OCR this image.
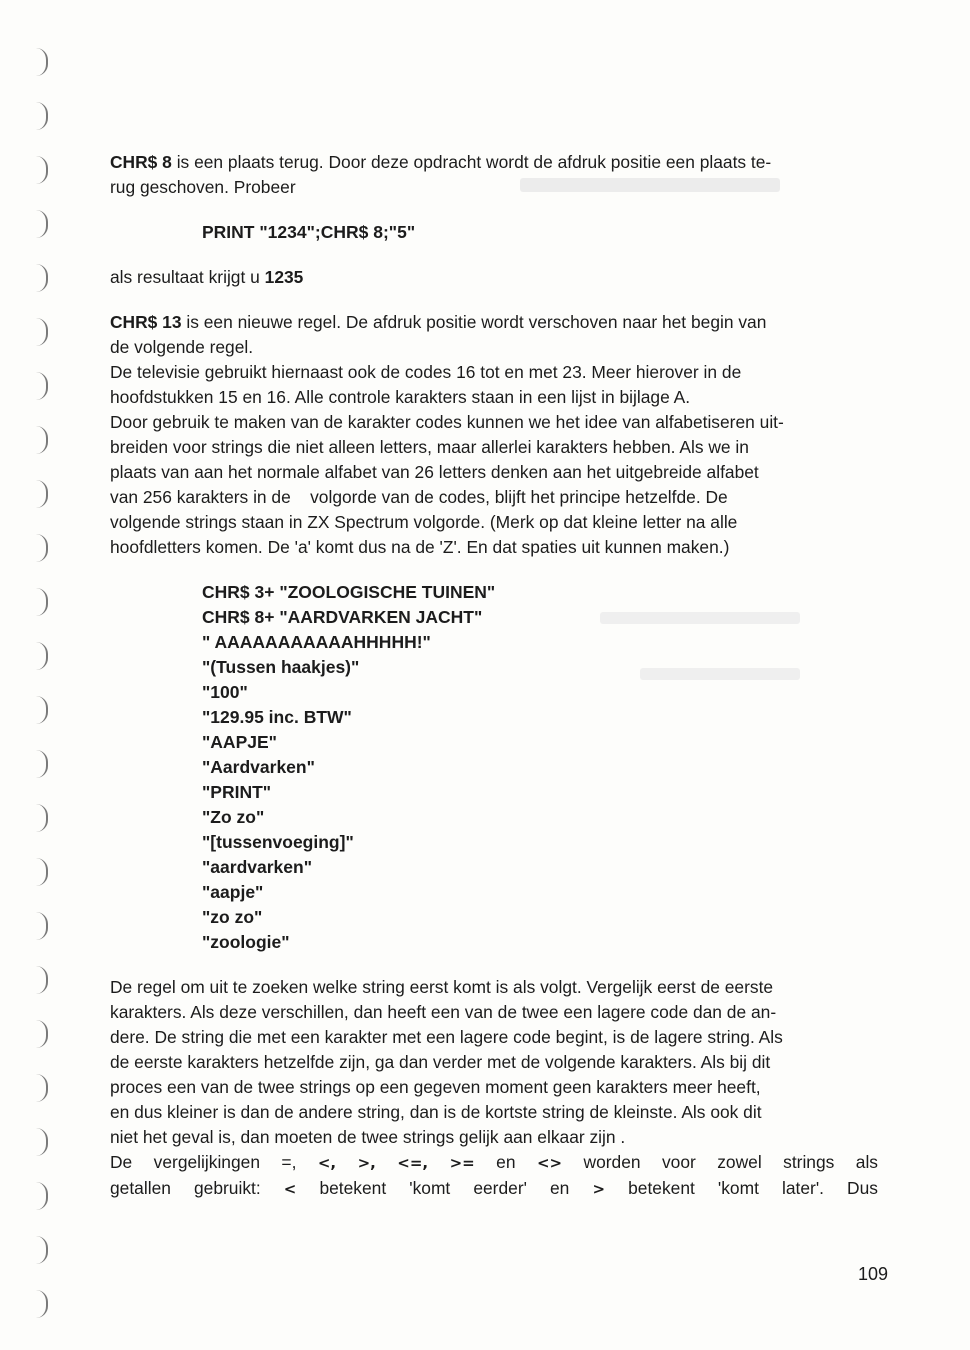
CHR$ 8 is een plaats terug. Door deze opdracht wordt de afdruk positie een plaats te-
rug geschoven. Probeer

PRINT "1234";CHR$ 8;"5"

als resultaat krijgt u 1235

CHR$ 13 is een nieuwe regel. De afdruk positie wordt verschoven naar het begin van
de volgende regel.
De televisie gebruikt hiernaast ook de codes 16 tot en met 23. Meer hierover in de
hoofdstukken 15 en 16. Alle controle karakters staan in een lijst in bijlage A.
Door gebruik te maken van de karakter codes kunnen we het idee van alfabetiseren uit-
breiden voor strings die niet alleen letters, maar allerlei karakters hebben. Als we in
plaats van aan het normale alfabet van 26 letters denken aan het uitgebreide alfabet
van 256 karakters in de    volgorde van de codes, blijft het principe hetzelfde. De
volgende strings staan in ZX Spectrum volgorde. (Merk op dat kleine letter na alle
hoofdletters komen. De 'a' komt dus na de 'Z'. En dat spaties uit kunnen maken.)

CHR$ 3+ "ZOOLOGISCHE TUINEN"

CHR$ 8+ "AARDVARKEN JACHT"

" AAAAAAAAAAAHHHHH!"

"(Tussen haakjes)"

"100"

"129.95 inc. BTW"

"AAPJE"

"Aardvarken"

"PRINT"

"Zo zo"

"[tussenvoeging]"

"aardvarken"

"aapje"

"zo zo"

"zoologie"

De regel om uit te zoeken welke string eerst komt is als volgt. Vergelijk eerst de eerste
karakters. Als deze verschillen, dan heeft een van de twee een lagere code dan de an-
dere. De string die met een karakter met een lagere code begint, is de lagere string. Als
de eerste karakters hetzelfde zijn, ga dan verder met de volgende karakters. Als bij dit
proces een van de twee strings op een gegeven moment geen karakters meer heeft,
en dus kleiner is dan de andere string, dan is de kortste string de kleinste. Als ook dit
niet het geval is, dan moeten de twee strings gelijk aan elkaar zijn .
De vergelijkingen =, <, >, <=, >= en <> worden voor zowel strings als
getallen gebruikt: < betekent 'komt eerder' en > betekent 'komt later'. Dus

109
